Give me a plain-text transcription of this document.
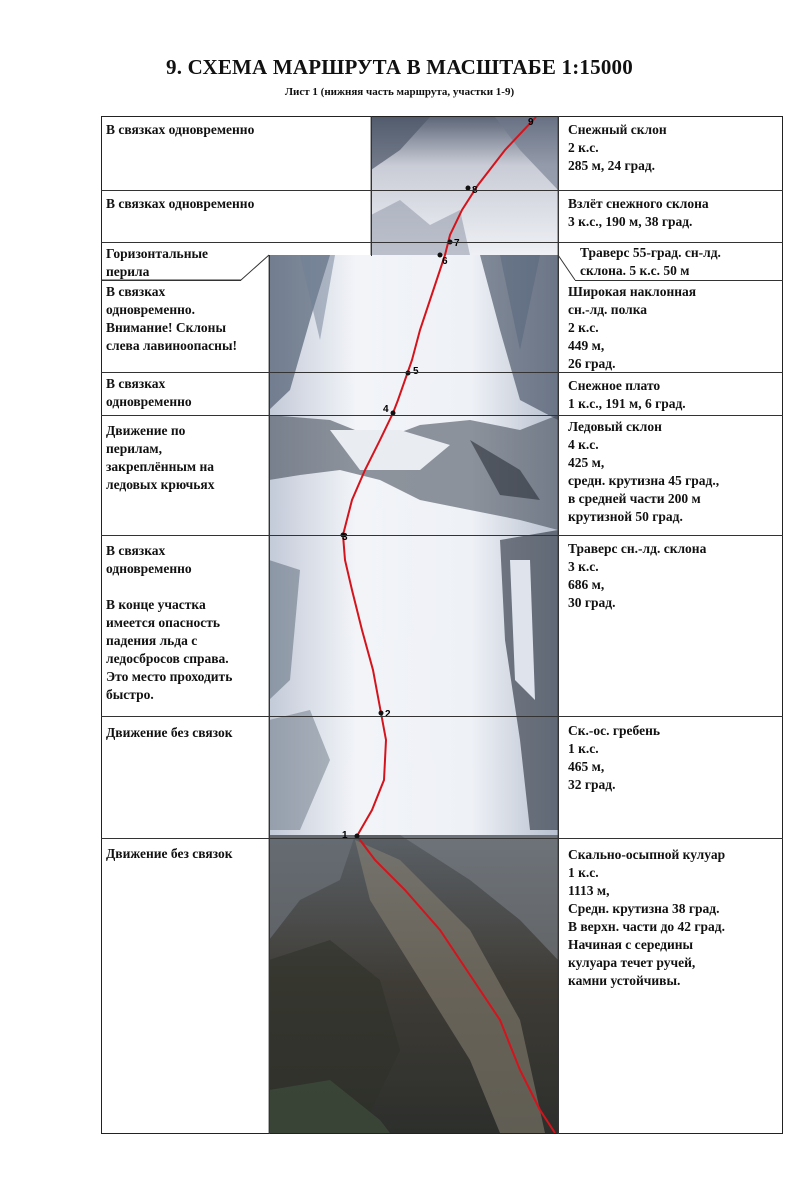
9. СХЕМА МАРШРУТА В МАСШТАБЕ 1:15000
Лист 1 (нижняя часть маршрута, участки 1-9)
1
2
3
4
5
6
7
8
9
В связках одновременно
В связках одновременно
Горизонтальные
перила
В связках
одновременно.
Внимание! Склоны
слева лавиноопасны!
В связках
одновременно
Движение по
перилам,
закреплённым на
ледовых крючьях
В связках
одновременно
В конце участка
имеется опасность
падения льда с
ледосбросов справа.
Это место проходить
быстро.
Движение без связок
Движение без связок
Снежный склон
2 к.с.
285 м, 24 град.
Взлёт снежного склона
3 к.с., 190 м, 38 град.
Траверс 55-град. сн-лд.
склона. 5 к.с. 50 м
Широкая наклонная
сн.-лд. полка
2 к.с.
449 м,
26 град.
Снежное плато
1 к.с., 191 м, 6 град.
Ледовый склон
4 к.с.
425 м,
средн. крутизна 45 град.,
в средней части 200 м
крутизной 50 град.
Траверс сн.-лд. склона
3 к.с.
686 м,
30 град.
Ск.-ос. гребень
1 к.с.
465 м,
32 град.
Скально-осыпной кулуар
1 к.с.
1113 м,
Средн. крутизна 38 град.
В верхн. части до 42 град.
Начиная с середины
кулуара течет ручей,
камни устойчивы.
